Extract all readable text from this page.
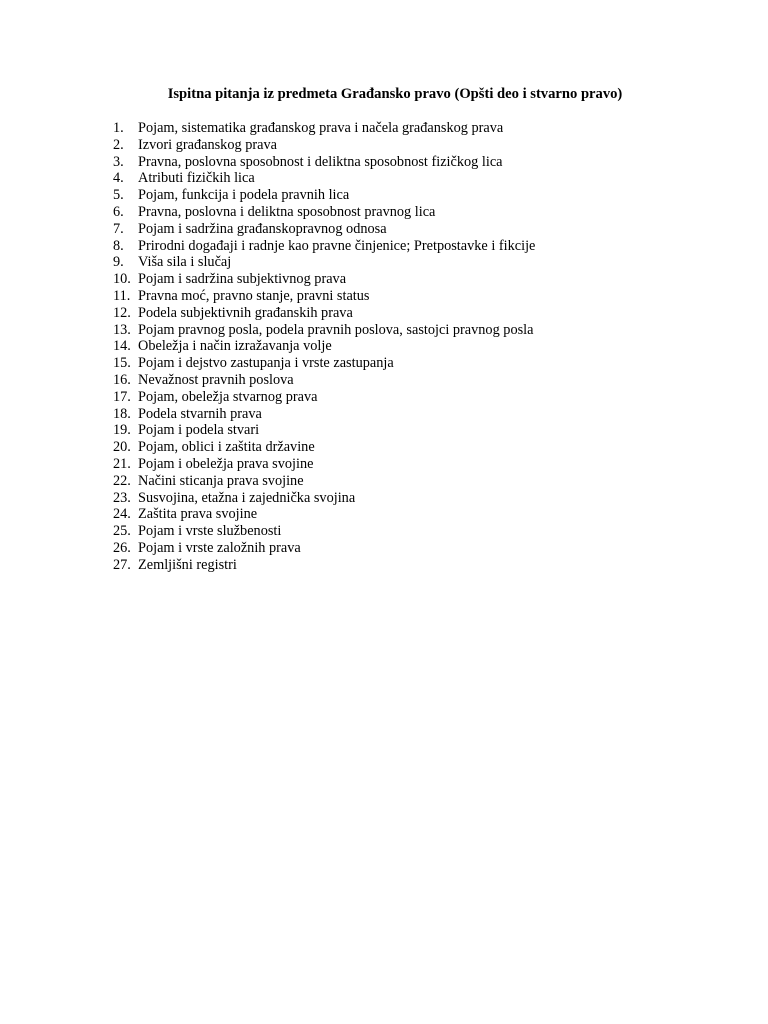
Ispitna pitanja iz predmeta Građansko pravo (Opšti deo i stvarno pravo)
1. Pojam, sistematika građanskog prava i načela građanskog prava
2. Izvori građanskog prava
3. Pravna, poslovna sposobnost i deliktna sposobnost fizičkog lica
4. Atributi fizičkih lica
5. Pojam, funkcija i podela pravnih lica
6. Pravna, poslovna i deliktna sposobnost pravnog lica
7. Pojam i sadržina građanskopravnog odnosa
8. Prirodni događaji i radnje kao pravne činjenice; Pretpostavke i fikcije
9. Viša sila i slučaj
10. Pojam i sadržina subjektivnog prava
11. Pravna moć, pravno stanje, pravni status
12. Podela subjektivnih građanskih prava
13. Pojam pravnog posla, podela pravnih poslova, sastojci pravnog posla
14. Obeležja i način izražavanja volje
15. Pojam i dejstvo zastupanja i vrste zastupanja
16. Nevažnost pravnih poslova
17. Pojam, obeležja stvarnog prava
18. Podela stvarnih prava
19. Pojam i podela stvari
20. Pojam, oblici i zaštita državine
21. Pojam i obeležja prava svojine
22. Načini sticanja prava svojine
23. Susvojina, etažna i zajednička svojina
24. Zaštita prava svojine
25. Pojam i vrste službenosti
26. Pojam i vrste založnih prava
27. Zemljišni registri
